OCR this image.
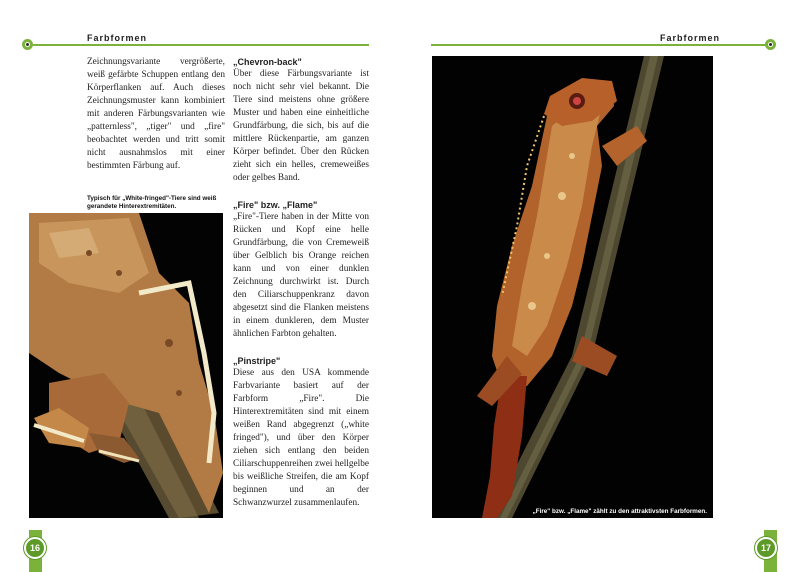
Farbformen

Zeichnungsvariante vergrößerte, weiß gefärbte Schuppen entlang den Körperflanken auf. Auch dieses Zeichnungsmuster kann kombiniert mit anderen Färbungsvarianten wie „patternless", „tiger" und „fire" beobachtet werden und tritt somit nicht ausnahmslos mit einer bestimmten Färbung auf.

Typisch für „White-fringed"-Tiere sind weiß gerandete Hinterextremitäten.
„Chevron-back"

Über diese Färbungsvariante ist noch nicht sehr viel bekannt. Die Tiere sind meistens ohne größere Muster und haben eine einheitliche Grundfärbung, die sich, bis auf die mittlere Rückenpartie, am ganzen Körper befindet. Über den Rücken zieht sich ein helles, cremeweißes oder gelbes Band.

„Fire" bzw. „Flame"

„Fire"-Tiere haben in der Mitte von Rücken und Kopf eine helle Grundfärbung, die von Cremeweiß über Gelblich bis Orange reichen kann und von einer dunklen Zeichnung durchwirkt ist. Durch den Ciliarschuppenkranz davon abgesetzt sind die Flanken meistens in einem dunkleren, dem Muster ähnlichen Farbton gehalten.

„Pinstripe"

Diese aus den USA kommende Farbvariante basiert auf der Farbform „Fire". Die Hinterextremitäten sind mit einem weißen Rand abgegrenzt („white fringed"), und über den Körper ziehen sich entlang den beiden Ciliarschuppenreihen zwei hellgelbe bis weißliche Streifen, die am Kopf beginnen und an der Schwanzwurzel zusammenlaufen.

16
Farbformen
„Fire" bzw. „Flame" zählt zu den attraktivsten Farbformen.
17
